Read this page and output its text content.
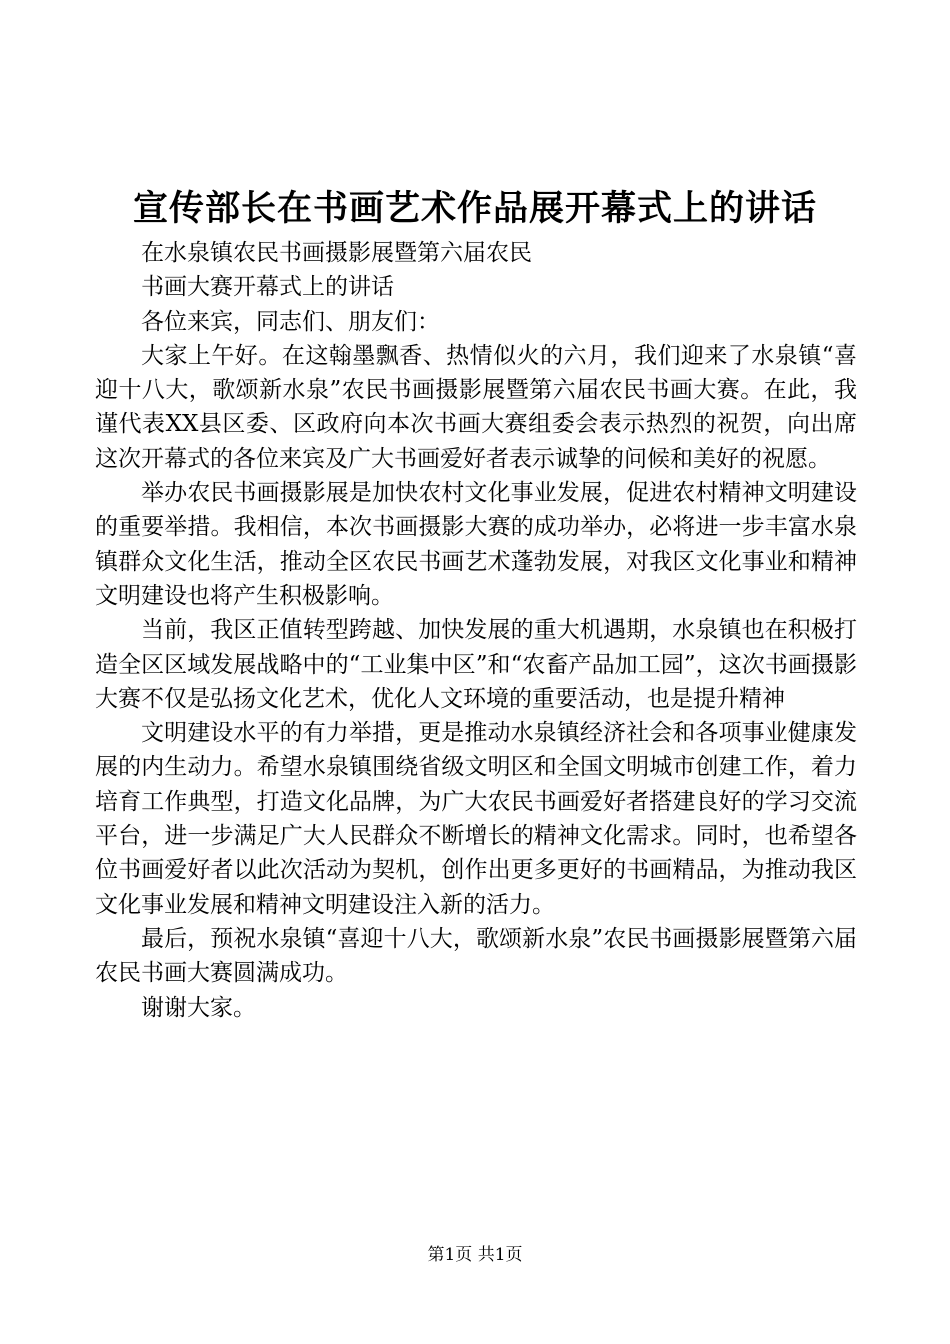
宣传部长在书画艺术作品展开幕式上的讲话

在水泉镇农民书画摄影展暨第六届农民

书画大赛开幕式上的讲话

各位来宾，同志们、朋友们：

大家上午好。在这翰墨飘香、热情似火的六月，我们迎来了水泉镇“喜迎十八大，歌颂新水泉”农民书画摄影展暨第六届农民书画大赛。在此，我谨代表XX县区委、区政府向本次书画大赛组委会表示热烈的祝贺，向出席这次开幕式的各位来宾及广大书画爱好者表示诚挚的问候和美好的祝愿。

举办农民书画摄影展是加快农村文化事业发展，促进农村精神文明建设的重要举措。我相信，本次书画摄影大赛的成功举办，必将进一步丰富水泉镇群众文化生活，推动全区农民书画艺术蓬勃发展，对我区文化事业和精神文明建设也将产生积极影响。

当前，我区正值转型跨越、加快发展的重大机遇期，水泉镇也在积极打造全区区域发展战略中的“工业集中区”和“农畜产品加工园”，这次书画摄影大赛不仅是弘扬文化艺术，优化人文环境的重要活动，也是提升精神

文明建设水平的有力举措，更是推动水泉镇经济社会和各项事业健康发展的内生动力。希望水泉镇围绕省级文明区和全国文明城市创建工作，着力培育工作典型，打造文化品牌，为广大农民书画爱好者搭建良好的学习交流平台，进一步满足广大人民群众不断增长的精神文化需求。同时，也希望各位书画爱好者以此次活动为契机，创作出更多更好的书画精品，为推动我区文化事业发展和精神文明建设注入新的活力。

最后，预祝水泉镇“喜迎十八大，歌颂新水泉”农民书画摄影展暨第六届农民书画大赛圆满成功。

谢谢大家。

第1页 共1页
